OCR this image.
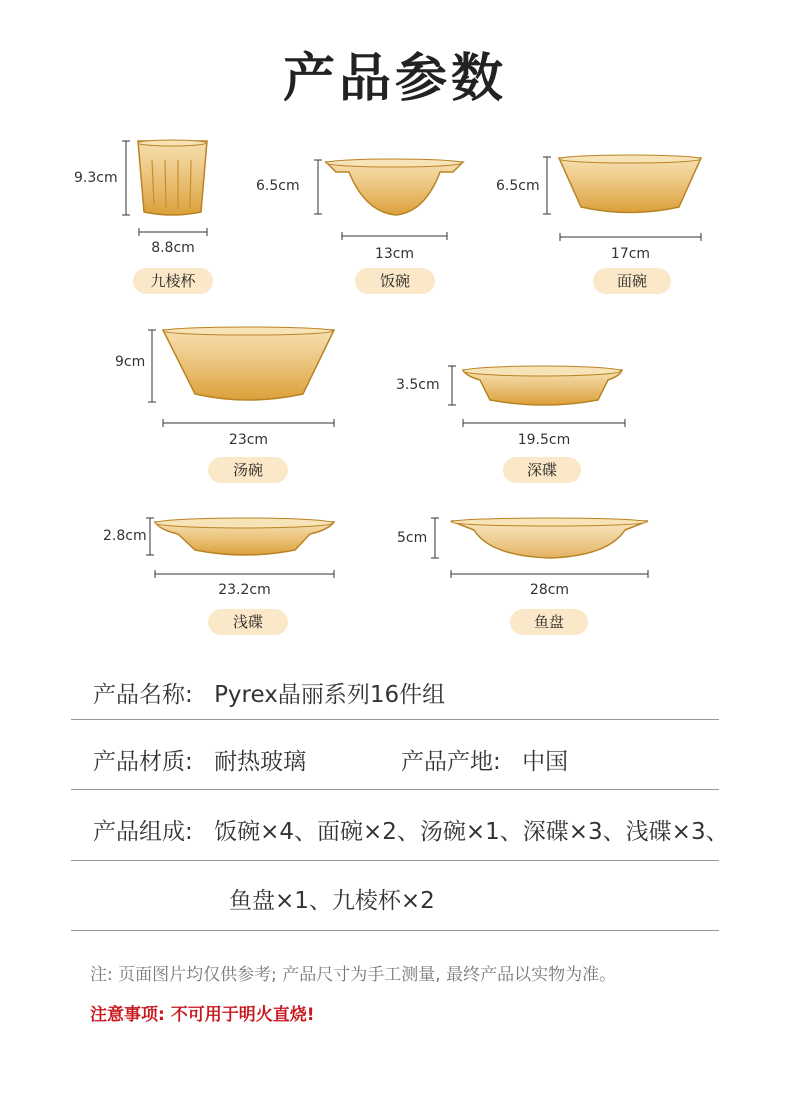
产品参数
9.3cm
8.8cm
九棱杯
6.5cm
13cm
饭碗
6.5cm
17cm
面碗
9cm
23cm
汤碗
3.5cm
19.5cm
深碟
2.8cm
23.2cm
浅碟
5cm
28cm
鱼盘
产品名称: Pyrex晶丽系列16件组
产品材质: 耐热玻璃	产品产地: 中国
产品组成: 饭碗×4、面碗×2、汤碗×1、深碟×3、浅碟×3、
鱼盘×1、九棱杯×2
注: 页面图片均仅供参考; 产品尺寸为手工测量, 最终产品以实物为准。
注意事项: 不可用于明火直烧!
